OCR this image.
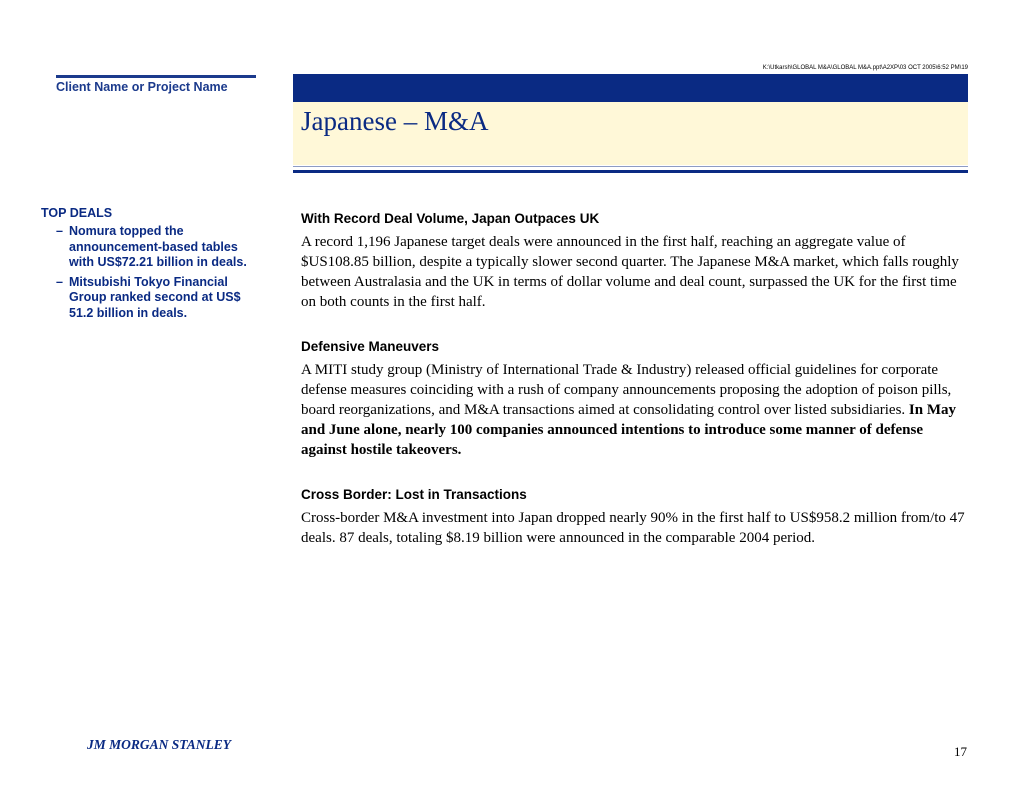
K:\Utkarsh\GLOBAL M&A\GLOBAL M&A.ppt\A2XP\03 OCT 2005\6:52 PM\19
Client Name or Project Name
Japanese – M&A
TOP DEALS
– Nomura topped the announcement-based tables with US$72.21 billion in deals.
– Mitsubishi Tokyo Financial Group ranked second at US$ 51.2 billion in deals.

With Record Deal Volume, Japan Outpaces UK

A record 1,196 Japanese target deals were announced in the first half, reaching an aggregate value of $US108.85 billion, despite a typically slower second quarter. The Japanese M&A market, which falls roughly between Australasia and the UK in terms of dollar volume and deal count, surpassed the UK for the first time on both counts in the first half.

Defensive Maneuvers

A MITI study group (Ministry of International Trade & Industry) released official guidelines for corporate defense measures coinciding with a rush of company announcements proposing the adoption of poison pills, board reorganizations, and M&A transactions aimed at consolidating control over listed subsidiaries. In May and June alone, nearly 100 companies announced intentions to introduce some manner of defense against hostile takeovers.

Cross Border: Lost in Transactions

Cross-border M&A investment into Japan dropped nearly 90% in the first half to US$958.2 million from/to 47 deals. 87 deals, totaling $8.19 billion were announced in the comparable 2004 period.

JM MORGAN STANLEY	17
